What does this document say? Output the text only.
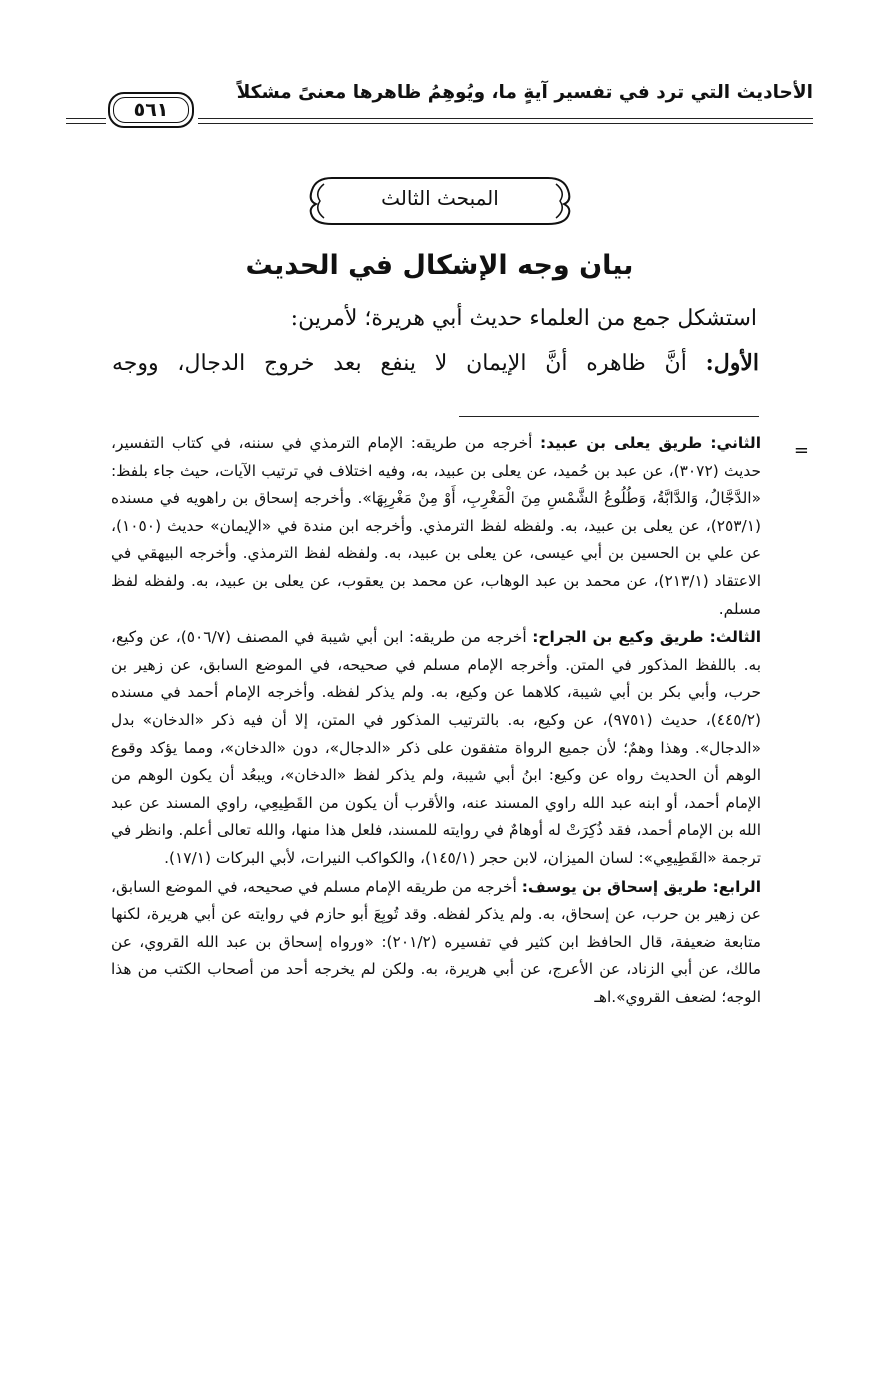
الأحاديث التي ترد في تفسير آيةٍ ما، ويُوهِمُ ظاهرها معنىً مشكلاً
٥٦١
المبحث الثالث
بيان وجه الإشكال في الحديث
استشكل جمع من العلماء حديث أبي هريرة؛ لأمرين:
الأول: أنَّ ظاهره أنَّ الإيمان لا ينفع بعد خروج الدجال، ووجه
=

الثاني: طريق يعلى بن عبيد: أخرجه من طريقه: الإمام الترمذي في سننه، في كتاب التفسير، حديث (٣٠٧٢)، عن عبد بن حُميد، عن يعلى بن عبيد، به، وفيه اختلاف في ترتيب الآيات، حيث جاء بلفظ: «الدَّجَّالُ، وَالدَّابَّةُ، وَطُلُوعُ الشَّمْسِ مِنَ الْمَغْرِبِ، أَوْ مِنْ مَغْرِبِهَا». وأخرجه إسحاق بن راهويه في مسنده (٢٥٣/١)، عن يعلى بن عبيد، به. ولفظه لفظ الترمذي. وأخرجه ابن مندة في «الإيمان» حديث (١٠٥٠)، عن علي بن الحسين بن أبي عيسى، عن يعلى بن عبيد، به. ولفظه لفظ الترمذي. وأخرجه البيهقي في الاعتقاد (٢١٣/١)، عن محمد بن عبد الوهاب، عن محمد بن يعقوب، عن يعلى بن عبيد، به. ولفظه لفظ مسلم.

الثالث: طريق وكيع بن الجراح: أخرجه من طريقه: ابن أبي شيبة في المصنف (٥٠٦/٧)، عن وكيع، به. باللفظ المذكور في المتن. وأخرجه الإمام مسلم في صحيحه، في الموضع السابق، عن زهير بن حرب، وأبي بكر بن أبي شيبة، كلاهما عن وكيع، به. ولم يذكر لفظه. وأخرجه الإمام أحمد في مسنده (٤٤٥/٢)، حديث (٩٧٥١)، عن وكيع، به. بالترتيب المذكور في المتن، إلا أن فيه ذكر «الدخان» بدل «الدجال». وهذا وهمٌ؛ لأن جميع الرواة متفقون على ذكر «الدجال»، دون «الدخان»، ومما يؤكد وقوع الوهم أن الحديث رواه عن وكيع: ابنُ أبي شيبة، ولم يذكر لفظ «الدخان»، ويبعُد أن يكون الوهم من الإمام أحمد، أو ابنه عبد الله راوي المسند عنه، والأقرب أن يكون من القَطِيعِي، راوي المسند عن عبد الله بن الإمام أحمد، فقد ذُكِرَتْ له أوهامٌ في روايته للمسند، فلعل هذا منها، والله تعالى أعلم. وانظر في ترجمة «القَطِيعِي»: لسان الميزان، لابن حجر (١٤٥/١)، والكواكب النيرات، لأبي البركات (١٧/١).

الرابع: طريق إسحاق بن يوسف: أخرجه من طريقه الإمام مسلم في صحيحه، في الموضع السابق، عن زهير بن حرب، عن إسحاق، به. ولم يذكر لفظه. وقد تُوبِعَ أبو حازم في روايته عن أبي هريرة، لكنها متابعة ضعيفة، قال الحافظ ابن كثير في تفسيره (٢٠١/٢): «ورواه إسحاق بن عبد الله القروي، عن مالك، عن أبي الزناد، عن الأعرج، عن أبي هريرة، به. ولكن لم يخرجه أحد من أصحاب الكتب من هذا الوجه؛ لضعف القروي».اهـ
